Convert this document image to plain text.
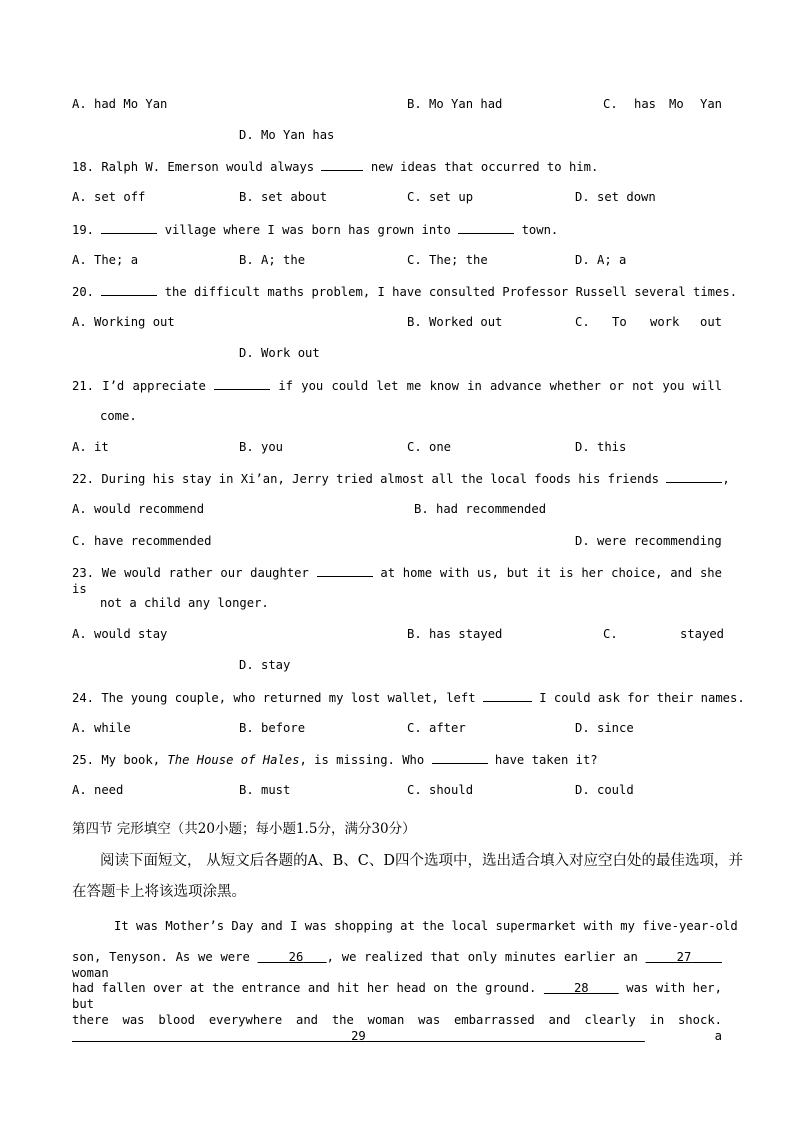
A. had Mo Yan	B. Mo Yan had	C. has Mo Yan
D. Mo Yan has
18. Ralph W. Emerson would always	new ideas that occurred to him.
A. set off	B. set about	C. set up	D. set down
19.	village where I was born has grown into	town.
A. The; a	B. A; the	C. The; the	D. A; a
20.	the difficult maths problem, I have consulted Professor Russell several times.
A. Working out	B. Worked out	C. To work out
D. Work out
21. I’d appreciate	if you could let me know in advance whether or not you will
come.
A. it	B. you	C. one	D. this
22. During his stay in Xi’an, Jerry tried almost all the local foods his friends	,
A. would recommend	B. had recommended
C. have recommended	D. were recommending
23. We would rather our daughter	at home with us, but it is her choice, and she is
not a child any longer.
A. would stay	B. has stayed	C.	stayed
D. stay
24. The young couple, who returned my lost wallet, left	I could ask for their names.
A. while	B. before	C. after	D. since
25. My book, The House of Hales, is missing. Who	have taken it?
A. need	B. must	C. should	D. could
第四节 完形填空（共20小题；每小题1.5分，满分30分）
阅读下面短文， 从短文后各题的A、B、C、D四个选项中，选出适合填入对应空白处的最佳选项，并
在答题卡上将该选项涂黑。
It was Mother’s Day and I was shopping at the local supermarket with my five-year-old
son, Tenyson. As we were	26 , we realized that only minutes earlier an	27     woman
had fallen over at the entrance and hit her head on the ground.	28	was with her, but
there was blood everywhere and the woman was embarrassed and clearly in shock.     29	a
